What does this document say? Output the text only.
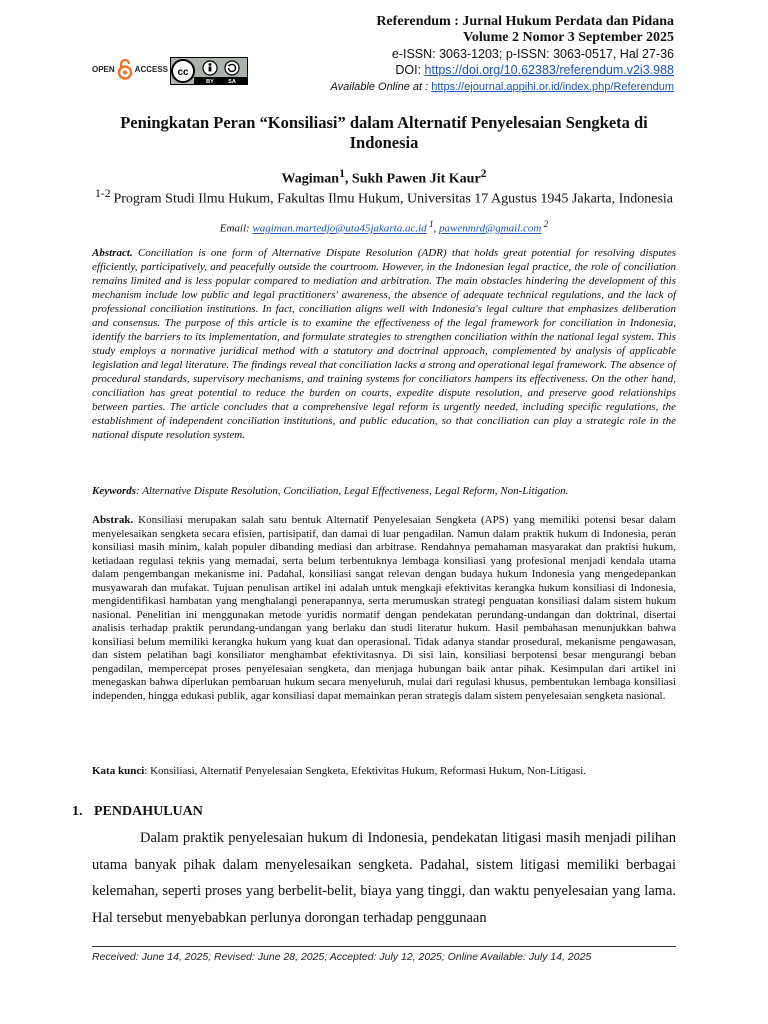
OPEN	ACCESS cc
BY	SA
Referendum : Jurnal Hukum Perdata dan Pidana
Volume 2 Nomor 3 September 2025
e-ISSN: 3063-1203; p-ISSN: 3063-0517, Hal 27-36
DOI: https://doi.org/10.62383/referendum.v2i3.988
Available Online at : https://ejournal.appihi.or.id/index.php/Referendum
Peningkatan Peran “Konsiliasi” dalam Alternatif Penyelesaian Sengketa di Indonesia
Wagiman$^1$, Sukh Pawen Jit Kaur$^2$
$^{1-2}$ Program Studi Ilmu Hukum, Fakultas Ilmu Hukum, Universitas 17 Agustus 1945 Jakarta, Indonesia
Email: wagiman.martedjo@uta45jakarta.ac.id $^1$, pawenmrd@gmail.com $^2$
Abstract. Conciliation is one form of Alternative Dispute Resolution (ADR) that holds great potential for resolving disputes efficiently, participatively, and peacefully outside the courtroom. However, in the Indonesian legal practice, the role of conciliation remains limited and is less popular compared to mediation and arbitration. The main obstacles hindering the development of this mechanism include low public and legal practitioners' awareness, the absence of adequate technical regulations, and the lack of professional conciliation institutions. In fact, conciliation aligns well with Indonesia's legal culture that emphasizes deliberation and consensus. The purpose of this article is to examine the effectiveness of the legal framework for conciliation in Indonesia, identify the barriers to its implementation, and formulate strategies to strengthen conciliation within the national legal system. This study employs a normative juridical method with a statutory and doctrinal approach, complemented by analysis of applicable legislation and legal literature. The findings reveal that conciliation lacks a strong and operational legal framework. The absence of procedural standards, supervisory mechanisms, and training systems for conciliators hampers its effectiveness. On the other hand, conciliation has great potential to reduce the burden on courts, expedite dispute resolution, and preserve good relationships between parties. The article concludes that a comprehensive legal reform is urgently needed, including specific regulations, the establishment of independent conciliation institutions, and public education, so that conciliation can play a strategic role in the national dispute resolution system.
Keywords: Alternative Dispute Resolution, Conciliation, Legal Effectiveness, Legal Reform, Non-Litigation.
Abstrak. Konsiliasi merupakan salah satu bentuk Alternatif Penyelesaian Sengketa (APS) yang memiliki potensi besar dalam menyelesaikan sengketa secara efisien, partisipatif, dan damai di luar pengadilan. Namun dalam praktik hukum di Indonesia, peran konsiliasi masih minim, kalah populer dibanding mediasi dan arbitrase. Rendahnya pemahaman masyarakat dan praktisi hukum, ketiadaan regulasi teknis yang memadai, serta belum terbentuknya lembaga konsiliasi yang profesional menjadi kendala utama dalam pengembangan mekanisme ini. Padahal, konsiliasi sangat relevan dengan budaya hukum Indonesia yang mengedepankan musyawarah dan mufakat. Tujuan penulisan artikel ini adalah untuk mengkaji efektivitas kerangka hukum konsiliasi di Indonesia, mengidentifikasi hambatan yang menghalangi penerapannya, serta merumuskan strategi penguatan konsiliasi dalam sistem hukum nasional. Penelitian ini menggunakan metode yuridis normatif dengan pendekatan perundang-undangan dan doktrinal, disertai analisis terhadap praktik perundang-undangan yang berlaku dan studi literatur hukum. Hasil pembahasan menunjukkan bahwa konsiliasi belum memiliki kerangka hukum yang kuat dan operasional. Tidak adanya standar prosedural, mekanisme pengawasan, dan sistem pelatihan bagi konsiliator menghambat efektivitasnya. Di sisi lain, konsiliasi berpotensi besar mengurangi beban pengadilan, mempercepat proses penyelesaian sengketa, dan menjaga hubungan baik antar pihak. Kesimpulan dari artikel ini menegaskan bahwa diperlukan pembaruan hukum secara menyeluruh, mulai dari regulasi khusus, pembentukan lembaga konsiliasi independen, hingga edukasi publik, agar konsiliasi dapat memainkan peran strategis dalam sistem penyelesaian sengketa nasional.
Kata kunci: Konsiliasi, Alternatif Penyelesaian Sengketa, Efektivitas Hukum, Reformasi Hukum, Non-Litigasi.
1. PENDAHULUAN
Dalam praktik penyelesaian hukum di Indonesia, pendekatan litigasi masih menjadi pilihan utama banyak pihak dalam menyelesaikan sengketa. Padahal, sistem litigasi memiliki berbagai kelemahan, seperti proses yang berbelit-belit, biaya yang tinggi, dan waktu penyelesaian yang lama. Hal tersebut menyebabkan perlunya dorongan terhadap penggunaan
Received: June 14, 2025; Revised: June 28, 2025; Accepted: July 12, 2025; Online Available: July 14, 2025
